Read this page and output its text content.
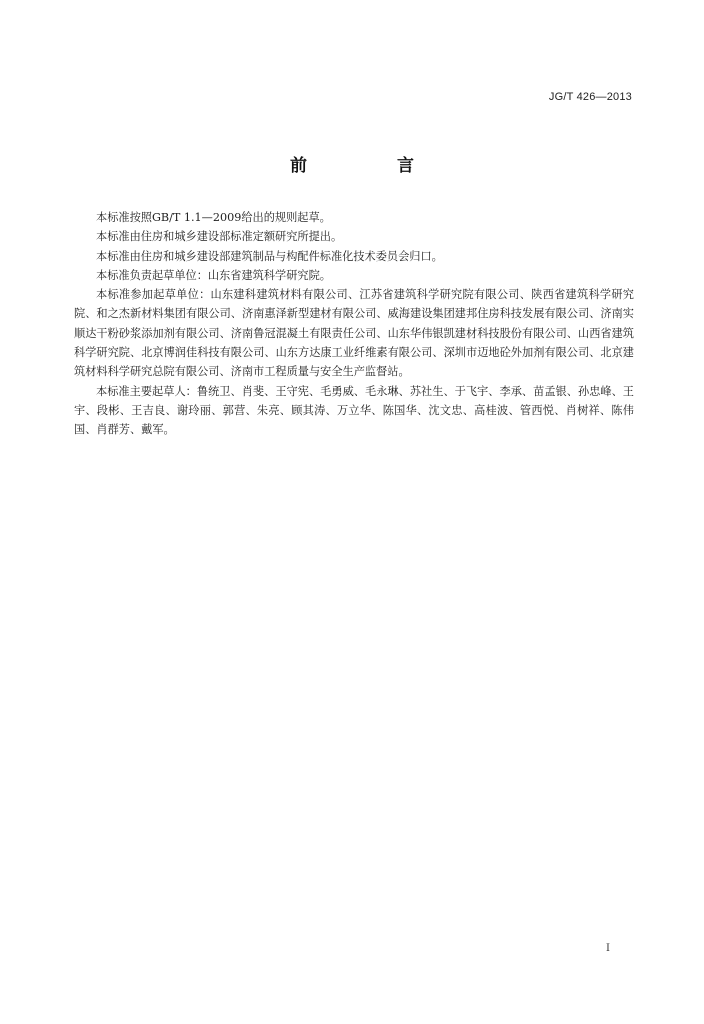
JG/T 426—2013
前 言

本标准按照GB/T 1.1—2009给出的规则起草。

本标准由住房和城乡建设部标准定额研究所提出。

本标准由住房和城乡建设部建筑制品与构配件标准化技术委员会归口。

本标准负责起草单位：山东省建筑科学研究院。

本标准参加起草单位：山东建科建筑材料有限公司、江苏省建筑科学研究院有限公司、陕西省建筑科学研究院、和之杰新材料集团有限公司、济南惠泽新型建材有限公司、威海建设集团建邦住房科技发展有限公司、济南实顺达干粉砂浆添加剂有限公司、济南鲁冠混凝土有限责任公司、山东华伟银凯建材科技股份有限公司、山西省建筑科学研究院、北京博润佳科技有限公司、山东方达康工业纤维素有限公司、深圳市迈地砼外加剂有限公司、北京建筑材料科学研究总院有限公司、济南市工程质量与安全生产监督站。

本标准主要起草人：鲁统卫、肖斐、王守宪、毛勇威、毛永琳、苏社生、于飞宇、李承、苗孟银、孙忠峰、王宇、段彬、王吉良、谢玲丽、郭营、朱亮、顾其涛、万立华、陈国华、沈文忠、高桂波、管西悦、肖树祥、陈伟国、肖群芳、戴军。

I
